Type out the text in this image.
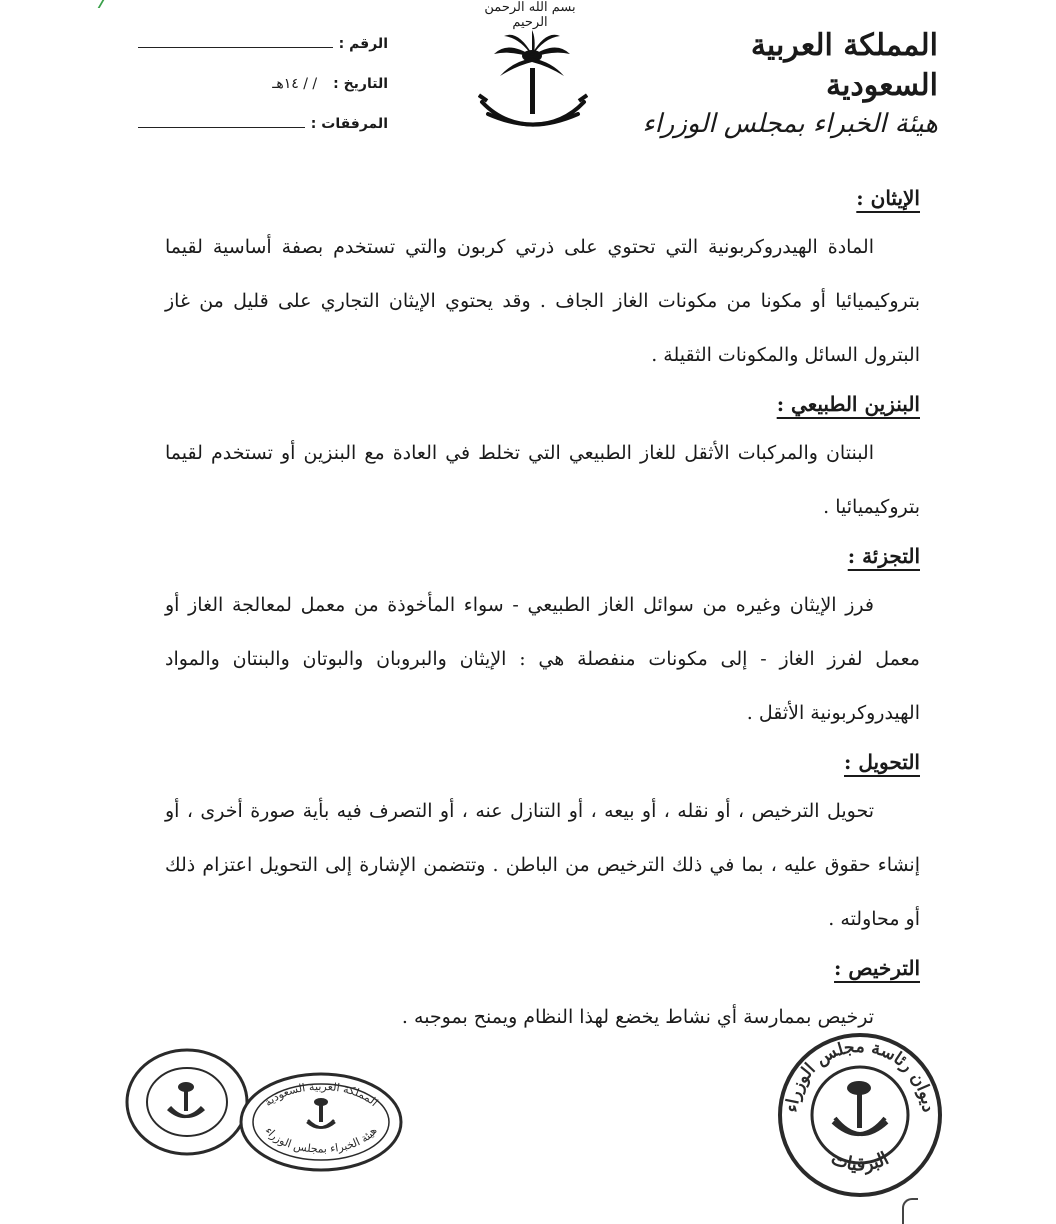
بسم الله الرحمن الرحيم
المملكة العربية السعودية
هيئة الخبراء بمجلس الوزراء
الرقم :
التاريخ :
/ / ١٤هـ
المرفقات :
الإيثان :

المادة الهيدروكربونية التي تحتوي على ذرتي كربون والتي تستخدم بصفة أساسية لقيما بتروكيميائيا أو مكونا من مكونات الغاز الجاف . وقد يحتوي الإيثان التجاري على قليل من غاز البترول السائل والمكونات الثقيلة .

البنزين الطبيعي :

البنتان والمركبات الأثقل للغاز الطبيعي التي تخلط في العادة مع البنزين أو تستخدم لقيما بتروكيميائيا .

التجزئة :

فرز الإيثان وغيره من سوائل الغاز الطبيعي - سواء المأخوذة من معمل لمعالجة الغاز أو معمل لفرز الغاز - إلى مكونات منفصلة هي : الإيثان والبروبان والبوتان والبنتان والمواد الهيدروكربونية الأثقل .

التحويل :

تحويل الترخيص ، أو نقله ، أو بيعه ، أو التنازل عنه ، أو التصرف فيه بأية صورة أخرى ، أو إنشاء حقوق عليه ، بما في ذلك الترخيص من الباطن . وتتضمن الإشارة إلى التحويل اعتزام ذلك أو محاولته .

الترخيص :

ترخيص بممارسة أي نشاط يخضع لهذا النظام ويمنح بموجبه .

ديوان رئاسة مجلس الوزراء
البرقيات
المملكة العربية السعودية
هيئة الخبراء بمجلس الوزراء
